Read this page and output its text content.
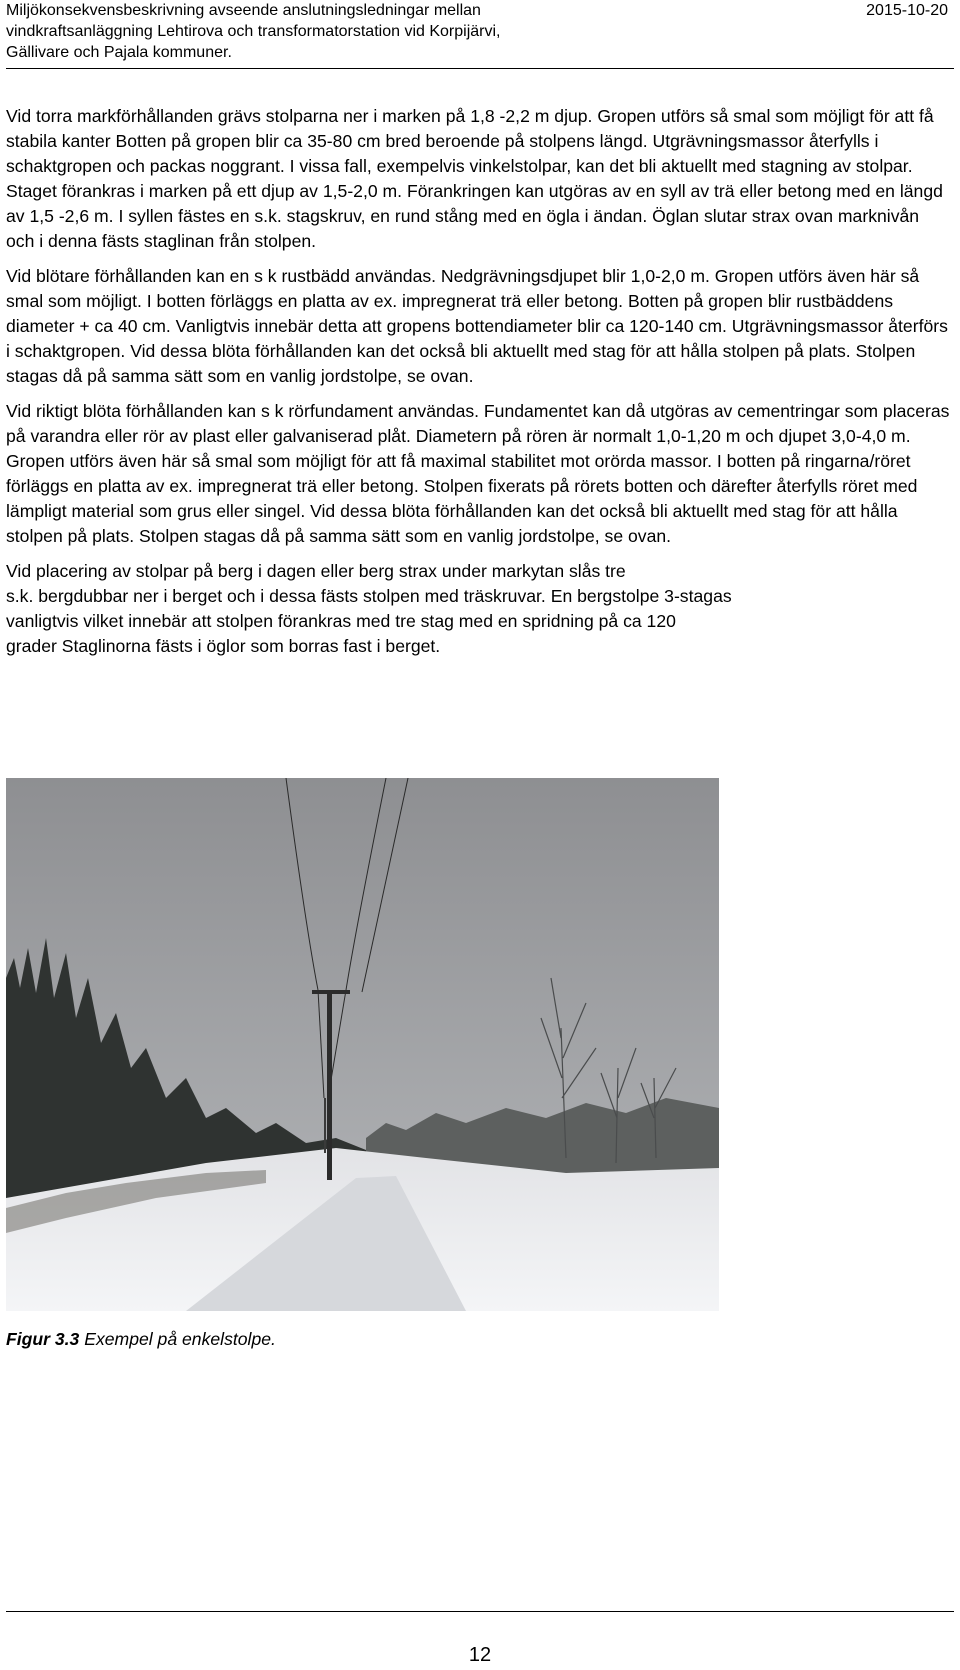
Miljökonsekvensbeskrivning avseende anslutningsledningar mellan
vindkraftsanläggning Lehtirova och transformatorstation vid Korpijärvi,
Gällivare och Pajala kommuner.
2015-10-20

Vid torra markförhållanden grävs stolparna ner i marken på 1,8 -2,2 m djup. Gropen utförs så smal som möjligt för att få stabila kanter Botten på gropen blir ca 35-80 cm bred beroende på stolpens längd. Utgrävningsmassor återfylls i schaktgropen och packas noggrant. I vissa fall, exempelvis vinkelstolpar, kan det bli aktuellt med stagning av stolpar. Staget förankras i marken på ett djup av 1,5-2,0 m. Förankringen kan utgöras av en syll av trä eller betong med en längd av 1,5 -2,6 m. I syllen fästes en s.k. stagskruv, en rund stång med en ögla i ändan. Öglan slutar strax ovan marknivån och i denna fästs staglinan från stolpen.

Vid blötare förhållanden kan en s k rustbädd användas. Nedgrävningsdjupet blir 1,0-2,0 m. Gropen utförs även här så smal som möjligt. I botten förläggs en platta av ex. impregnerat trä eller betong. Botten på gropen blir rustbäddens diameter + ca 40 cm. Vanligtvis innebär detta att gropens bottendiameter blir ca 120-140 cm. Utgrävningsmassor återförs i schaktgropen. Vid dessa blöta förhållanden kan det också bli aktuellt med stag för att hålla stolpen på plats. Stolpen stagas då på samma sätt som en vanlig jordstolpe, se ovan.

Vid riktigt blöta förhållanden kan s k rörfundament användas. Fundamentet kan då utgöras av cementringar som placeras på varandra eller rör av plast eller galvaniserad plåt. Diametern på rören är normalt 1,0-1,20 m och djupet 3,0-4,0 m. Gropen utförs även här så smal som möjligt för att få maximal stabilitet mot orörda massor. I botten på ringarna/röret förläggs en platta av ex. impregnerat trä eller betong. Stolpen fixerats på rörets botten och därefter återfylls röret med lämpligt material som grus eller singel. Vid dessa blöta förhållanden kan det också bli aktuellt med stag för att hålla stolpen på plats. Stolpen stagas då på samma sätt som en vanlig jordstolpe, se ovan.

Vid placering av stolpar på berg i dagen eller berg strax under markytan slås tre
s.k. bergdubbar ner i berget och i dessa fästs stolpen med träskruvar. En bergstolpe 3-stagas
vanligtvis vilket innebär att stolpen förankras med tre stag med en spridning på ca 120
grader Staglinorna fästs i öglor som borras fast i berget.
Figur 3.3 Exempel på enkelstolpe.
12
